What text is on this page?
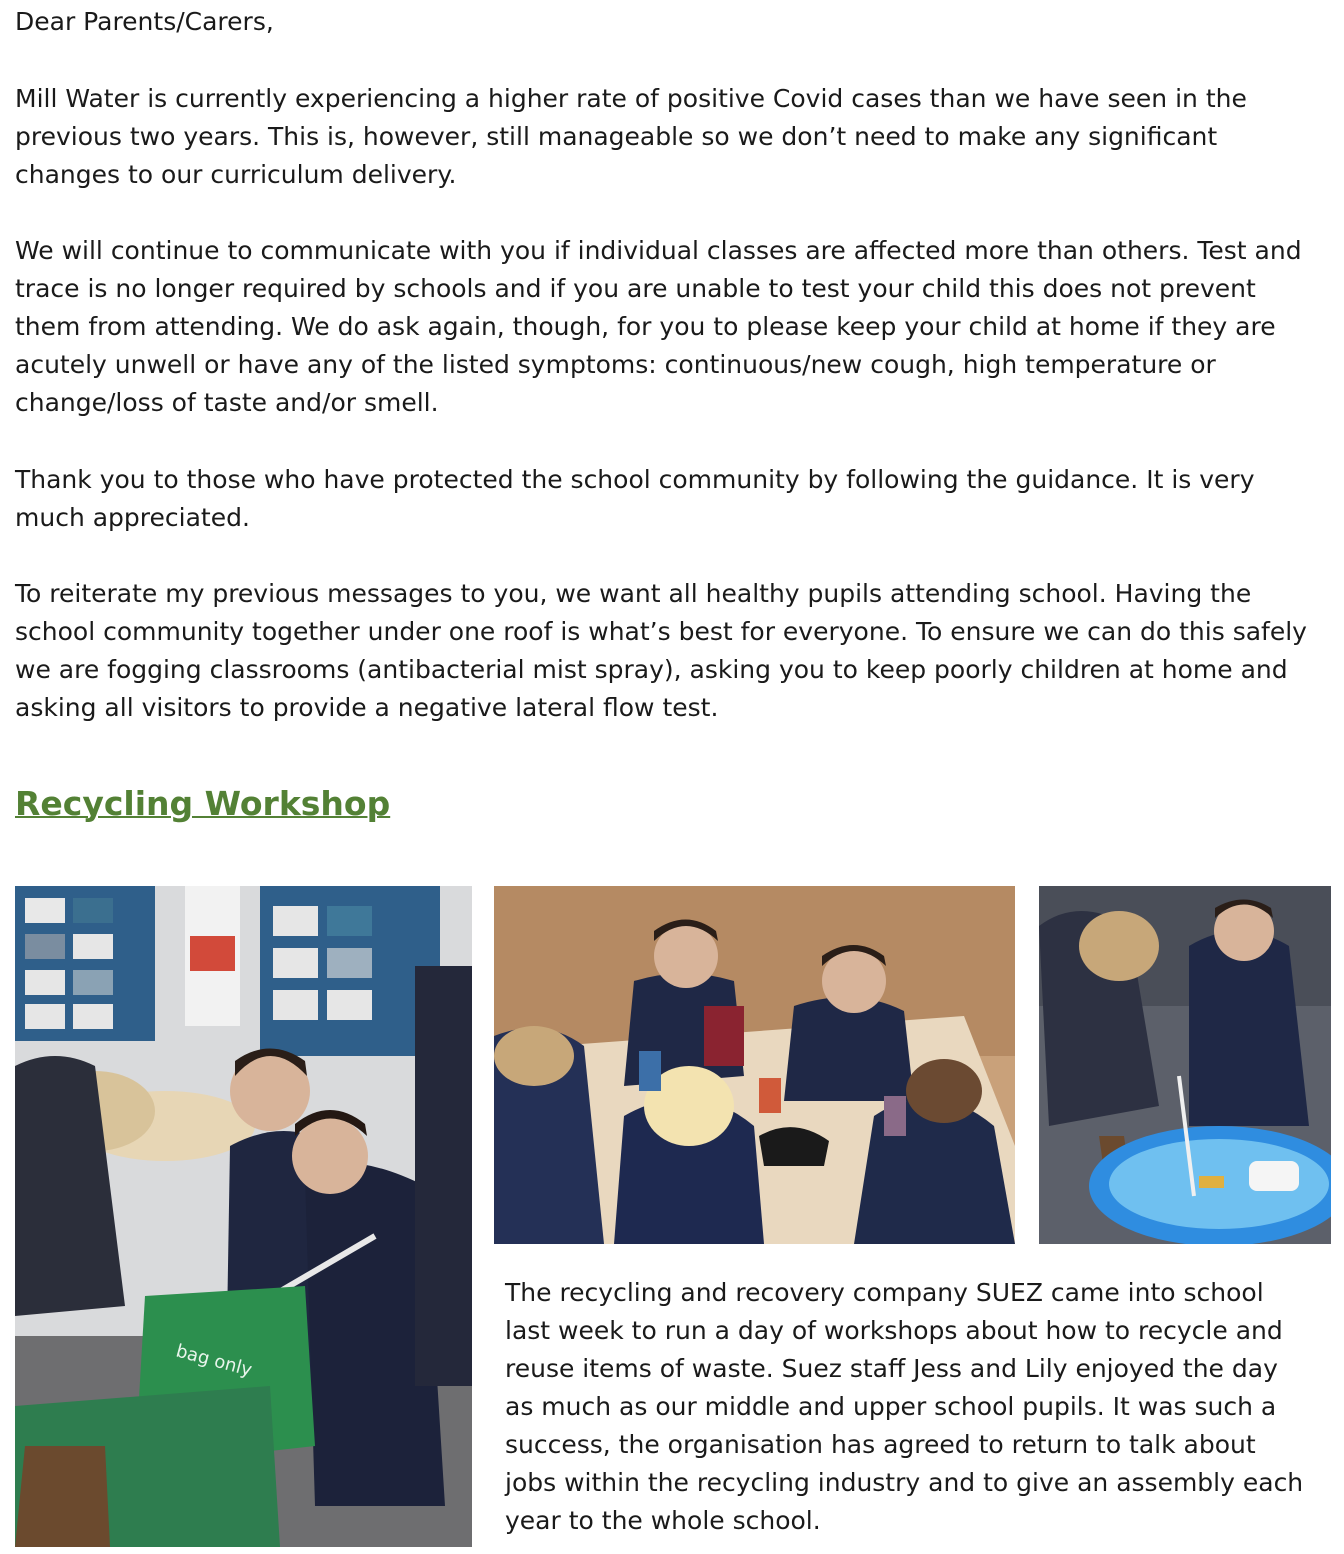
Dear Parents/Carers,

Mill Water is currently experiencing a higher rate of positive Covid cases than we have seen in the
previous two years. This is, however, still manageable so we don’t need to make any significant
changes to our curriculum delivery.

We will continue to communicate with you if individual classes are affected more than others. Test and
trace is no longer required by schools and if you are unable to test your child this does not prevent
them from attending. We do ask again, though, for you to please keep your child at home if they are
acutely unwell or have any of the listed symptoms: continuous/new cough, high temperature or
change/loss of taste and/or smell.

Thank you to those who have protected the school community by following the guidance. It is very
much appreciated.

To reiterate my previous messages to you, we want all healthy pupils attending school. Having the
school community together under one roof is what’s best for everyone. To ensure we can do this safely
we are fogging classrooms (antibacterial mist spray), asking you to keep poorly children at home and
asking all visitors to provide a negative lateral flow test.

Recycling Workshop
bag only

The recycling and recovery company SUEZ came into school
last week to run a day of workshops about how to recycle and
reuse items of waste. Suez staff Jess and Lily enjoyed the day
as much as our middle and upper school pupils. It was such a
success, the organisation has agreed to return to talk about
jobs within the recycling industry and to give an assembly each
year to the whole school.
